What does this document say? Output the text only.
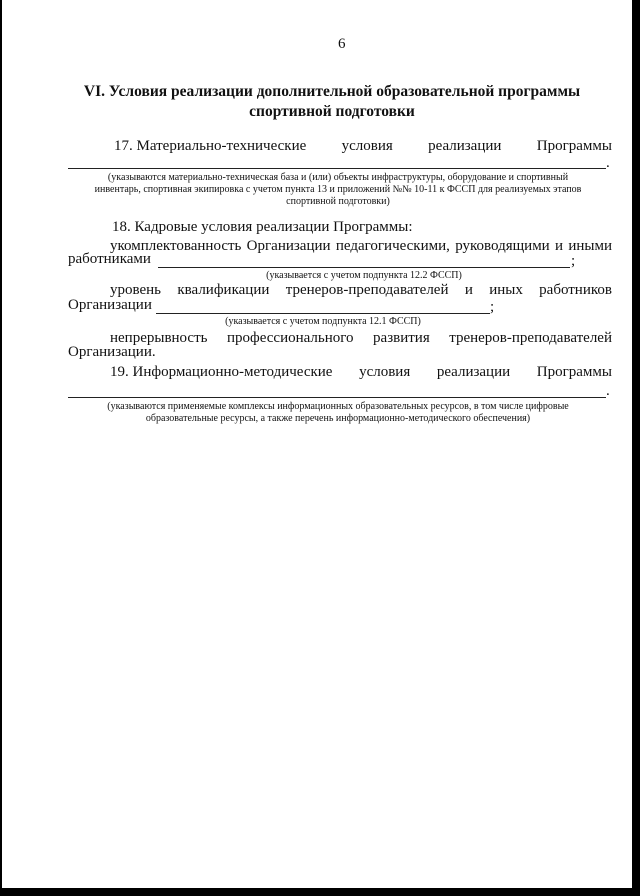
6
VI. Условия реализации дополнительной образовательной программы
спортивной подготовки
17. Материально-технические условия реализации Программы
.
(указываются материально-техническая база и (или) объекты инфраструктуры, оборудование и спортивный
инвентарь, спортивная экипировка с учетом пункта 13 и приложений №№ 10-11 к ФССП для реализуемых этапов
спортивной подготовки)
18. Кадровые условия реализации Программы:
укомплектованность Организации педагогическими, руководящими и иными
работниками	;
(указывается с учетом подпункта 12.2 ФССП)
уровень квалификации тренеров-преподавателей и иных работников
Организации	;
(указывается с учетом подпункта 12.1 ФССП)
непрерывность профессионального развития тренеров-преподавателей
Организации.
19. Информационно-методические условия реализации Программы
.
(указываются применяемые комплексы информационных образовательных ресурсов, в том числе цифровые
образовательные ресурсы, а также перечень информационно-методического обеспечения)
